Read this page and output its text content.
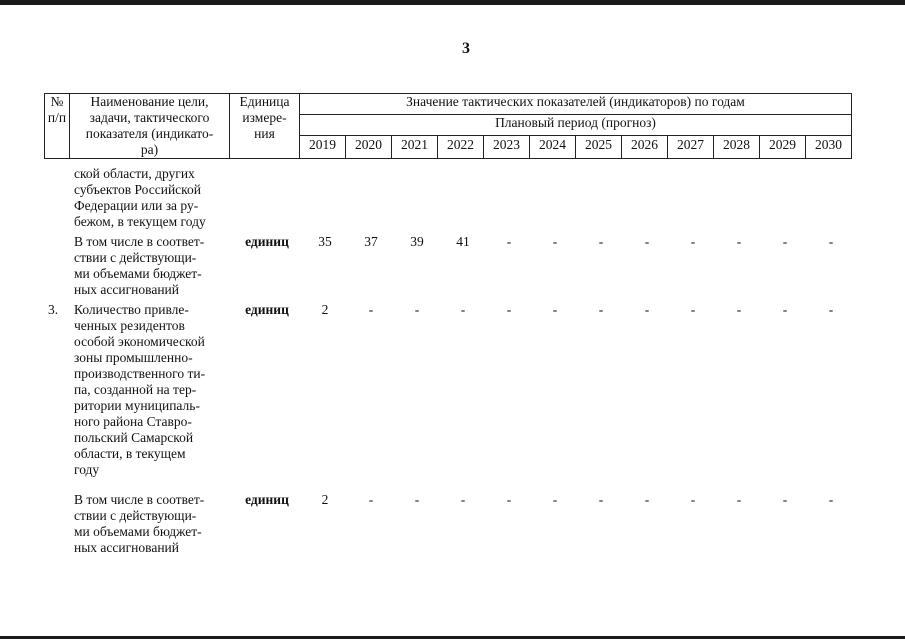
3
№ п/п	Наименование цели,
задачи, тактического
показателя (индикато-
ра)	Единица
измере-
ния	Значение тактических показателей (индикаторов) по годам											
			Плановый период (прогноз)											
			2019	2020	2021	2022	2023	2024	2025	2026	2027	2028	2029	2030
ской области, других
субъектов Российской
Федерации или за ру-
бежом, в текущем году
В том числе в соответ-
ствии с действующи-
ми объемами бюджет-
ных ассигнований
единиц	35	37	39	41	-	-	-	-	-	-	-	-
3.	Количество привле-
ченных резидентов
особой экономической
зоны промышленно-
производственного ти-
па, созданной на тер-
ритории муниципаль-
ного района Ставро-
польский Самарской
области, в текущем
году
единиц	2	-	-	-	-	-	-	-	-	-	-	-
В том числе в соответ-
ствии с действующи-
ми объемами бюджет-
ных ассигнований
единиц	2	-	-	-	-	-	-	-	-	-	-	-
